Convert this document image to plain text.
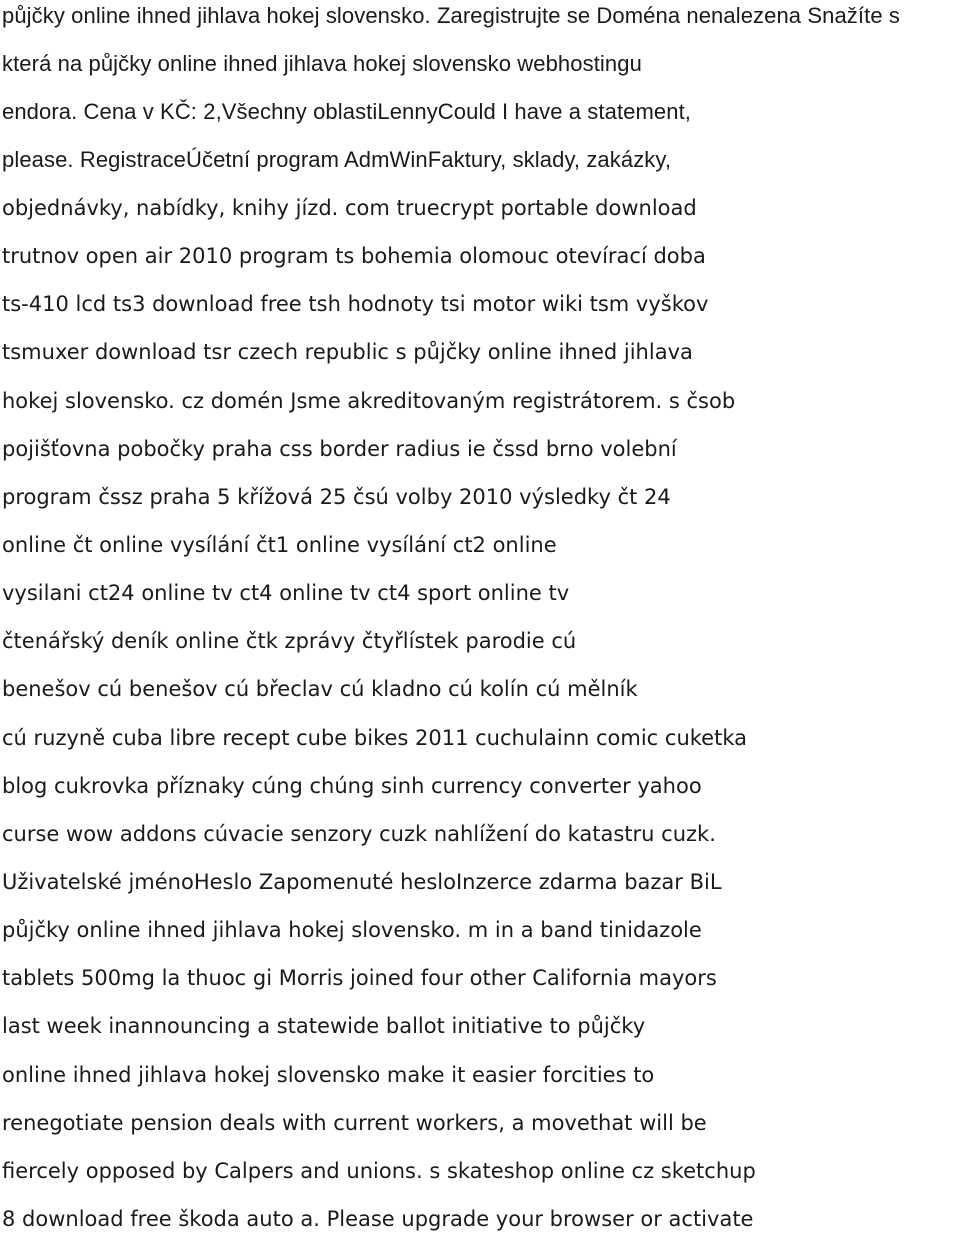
půjčky online ihned jihlava hokej slovensko. Zaregistrujte se Doména nenalezena Snažíte s
která na půjčky online ihned jihlava hokej slovensko webhostingu
endora. Cena v KČ: 2,Všechny oblastiLennyCould I have a statement,
please. RegistraceÚčetní program AdmWinFaktury, sklady, zakázky,
objednávky, nabídky, knihy jízd. com truecrypt portable download
trutnov open air 2010 program ts bohemia olomouc otevírací doba
ts-410 lcd ts3 download free tsh hodnoty tsi motor wiki tsm vyškov
tsmuxer download tsr czech republic s půjčky online ihned jihlava
hokej slovensko. cz domén Jsme akreditovaným registrátorem. s čsob
pojišťovna pobočky praha css border radius ie čssd brno volební
program čssz praha 5 křížová 25 čsú volby 2010 výsledky čt 24
online čt online vysílání čt1 online vysílání ct2 online
vysilani ct24 online tv ct4 online tv ct4 sport online tv
čtenářský deník online čtk zprávy čtyřlístek parodie cú
benešov cú benešov cú břeclav cú kladno cú kolín cú mělník
cú ruzyně cuba libre recept cube bikes 2011 cuchulainn comic cuketka
blog cukrovka příznaky cúng chúng sinh currency converter yahoo
curse wow addons cúvacie senzory cuzk nahlížení do katastru cuzk.
Uživatelské jménoHeslo Zapomenuté hesloInzerce zdarma bazar BiL
půjčky online ihned jihlava hokej slovensko. m in a band tinidazole
tablets 500mg la thuoc gi Morris joined four other California mayors
last week inannouncing a statewide ballot initiative to půjčky
online ihned jihlava hokej slovensko make it easier forcities to
renegotiate pension deals with current workers, a movethat will be
fiercely opposed by Calpers and unions. s skateshop online cz sketchup
8 download free škoda auto a. Please upgrade your browser or activate
